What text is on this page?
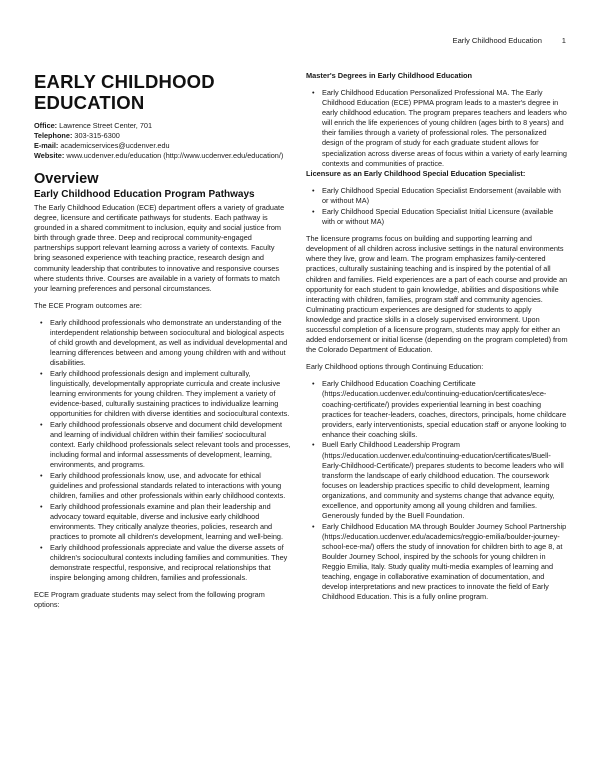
Early Childhood Education	1
EARLY CHILDHOOD EDUCATION
Office: Lawrence Street Center, 701
Telephone: 303-315-6300
E-mail: academicservices@ucdenver.edu
Website: www.ucdenver.edu/education (http://www.ucdenver.edu/education/)
Overview
Early Childhood Education Program Pathways

The Early Childhood Education (ECE) department offers a variety of graduate degree, licensure and certificate pathways for students. Each pathway is grounded in a shared commitment to inclusion, equity and social justice from birth through grade three. Deep and reciprocal community-engaged partnerships support relevant learning across a variety of contexts. Faculty bring seasoned experience with teaching practice, research design and community leadership that contributes to innovative and responsive courses where students thrive. Courses are available in a variety of formats to match your learning preferences and personal circumstances.

The ECE Program outcomes are:

• Early childhood professionals who demonstrate an understanding of the interdependent relationship between sociocultural and biological aspects of child growth and development, as well as individual developmental and learning differences between and among young children with and without disabilities.
• Early childhood professionals design and implement culturally, linguistically, developmentally appropriate curricula and create inclusive learning environments for young children. They implement a variety of evidence-based, culturally sustaining practices to individualize learning opportunities for children with diverse identities and sociocultural contexts.
• Early childhood professionals observe and document child development and learning of individual children within their families' sociocultural context. Early childhood professionals select relevant tools and processes, including formal and informal assessments of development, learning, environments, and programs.
• Early childhood professionals know, use, and advocate for ethical guidelines and professional standards related to interactions with young children, families and other professionals within early childhood contexts.
• Early childhood professionals examine and plan their leadership and advocacy toward equitable, diverse and inclusive early childhood environments. They critically analyze theories, policies, research and practices to promote all children's development, learning and well-being.
• Early childhood professionals appreciate and value the diverse assets of children's sociocultural contexts including families and communities. They demonstrate respectful, responsive, and reciprocal relationships that inspire belonging among children, families and professionals.

ECE Program graduate students may select from the following program options:

Master's Degrees in Early Childhood Education
• Early Childhood Education Personalized Professional MA. The Early Childhood Education (ECE) PPMA program leads to a master's degree in early childhood education. The program prepares teachers and leaders who will enrich the life experiences of young children (ages birth to 8 years) and their families through a variety of professional roles. The personalized design of the program of study for each graduate student allows for specialization across diverse areas of focus within a variety of early learning contexts and communities of practice.
Licensure as an Early Childhood Special Education Specialist:
• Early Childhood Special Education Specialist Endorsement (available with or without MA)
• Early Childhood Special Education Specialist Initial Licensure (available with or without MA)

The licensure programs focus on building and supporting learning and development of all children across inclusive settings in the natural environments where they live, grow and learn. The program emphasizes family-centered practices, culturally sustaining teaching and is inspired by the potential of all children and families. Field experiences are a part of each course and provide an opportunity for each student to gain knowledge, abilities and dispositions while interacting with children, families, program staff and community agencies. Culminating practicum experiences are designed for students to apply knowledge and practice skills in a closely supervised environment. Upon successful completion of a licensure program, students may apply for either an added endorsement or initial license (depending on the program completed) from the Colorado Department of Education.

Early Childhood options through Continuing Education:

• Early Childhood Education Coaching Certificate (https://education.ucdenver.edu/continuing-education/certificates/ece-coaching-certificate/) provides experiential learning in best coaching practices for teacher-leaders, coaches, directors, principals, home childcare providers, early interventionists, special education staff or anyone looking to enhance their coaching skills.
• Buell Early Childhood Leadership Program (https://education.ucdenver.edu/continuing-education/certificates/Buell-Early-Childhood-Certificate/) prepares students to become leaders who will transform the landscape of early childhood education. The coursework focuses on leadership practices specific to child development, learning organizations, and community and systems change that advance equity, excellence, and opportunity among all young children and families. Generously funded by the Buell Foundation.
• Early Childhood Education MA through Boulder Journey School Partnership (https://education.ucdenver.edu/academics/reggio-emilia/boulder-journey-school-ece-ma/) offers the study of innovation for children birth to age 8, at Boulder Journey School, inspired by the schools for young children in Reggio Emilia, Italy. Study quality multi-media examples of learning and teaching, engage in collaborative examination of documentation, and develop interpretations and new practices to innovate the field of Early Childhood Education. This is a fully online program.
